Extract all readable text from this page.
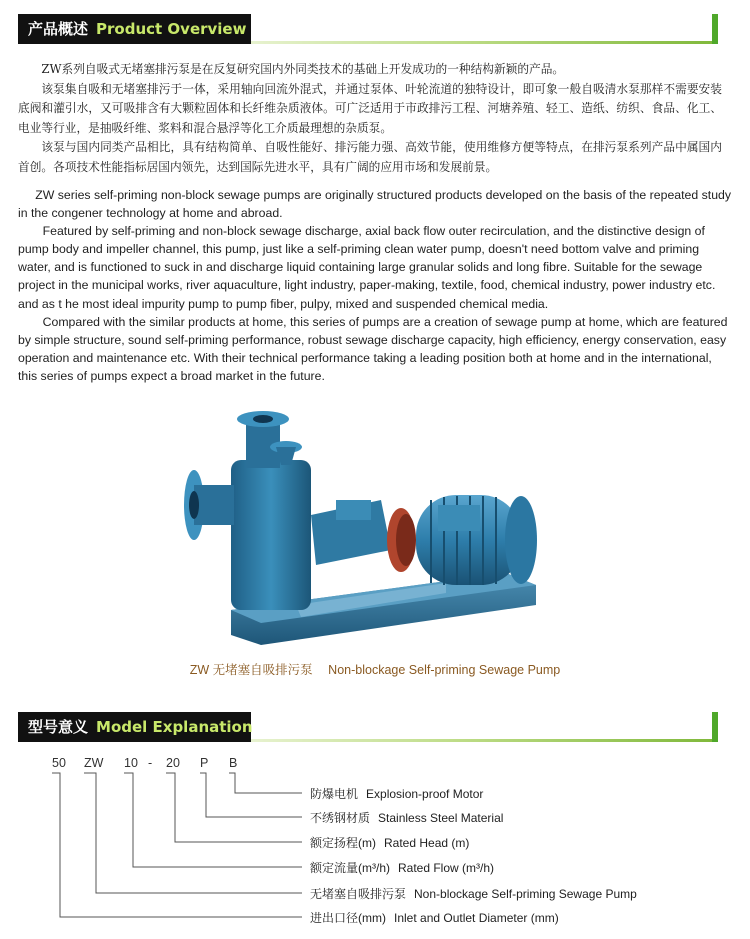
产品概述 Product Overview

ZW系列自吸式无堵塞排污泵是在反复研究国内外同类技术的基础上开发成功的一种结构新颖的产品。

该泵集自吸和无堵塞排污于一体，采用轴向回流外混式，并通过泵体、叶轮流道的独特设计，即可象一般自吸清水泵那样不需要安装底阀和灌引水，又可吸排含有大颗粒固体和长纤维杂质液体。可广泛适用于市政排污工程、河塘养殖、轻工、造纸、纺织、食品、化工、电业等行业，是抽吸纤维、浆料和混合悬浮等化工介质最理想的杂质泵。

该泵与国内同类产品相比，具有结构简单、自吸性能好、排污能力强、高效节能，使用维修方便等特点，在排污泵系列产品中属国内首创。各项技术性能指标居国内领先，达到国际先进水平，具有广阔的应用市场和发展前景。

ZW series self-priming non-block sewage pumps are originally structured products developed on the basis of the repeated study in the congener technology at home and abroad.

Featured by self-priming and non-block sewage discharge, axial back flow outer recirculation, and the distinctive design of pump body and impeller channel, this pump, just like a self-priming clean water pump, doesn't need bottom valve and priming water, and is functioned to suck in and discharge liquid containing large granular solids and long fibre. Suitable for the sewage project in the municipal works, river aquaculture, light industry, paper-making, textile, food, chemical industry, power industry etc. and as t he most ideal impurity pump to pump fiber, pulpy, mixed and suspended chemical media.

Compared with the similar products at home, this series of pumps are a creation of sewage pump at home, which are featured by simple structure, sound self-priming performance, robust sewage discharge capacity, high efficiency, energy conservation, easy operation and maintenance etc. With their technical performance taking a leading position both at home and in the international, this series of pumps expect a broad market in the future.

ZW 无堵塞自吸排污泵 Non-blockage Self-priming Sewage Pump
型号意义 Model Explanation
50 ZW 10 - 20 P B
防爆电机 Explosion-proof Motor
不绣钢材质 Stainless Steel Material
额定扬程(m) Rated Head (m)
额定流量(m³/h) Rated Flow (m³/h)
无堵塞自吸排污泵 Non-blockage Self-priming Sewage Pump
进出口径(mm) Inlet and Outlet Diameter (mm)
